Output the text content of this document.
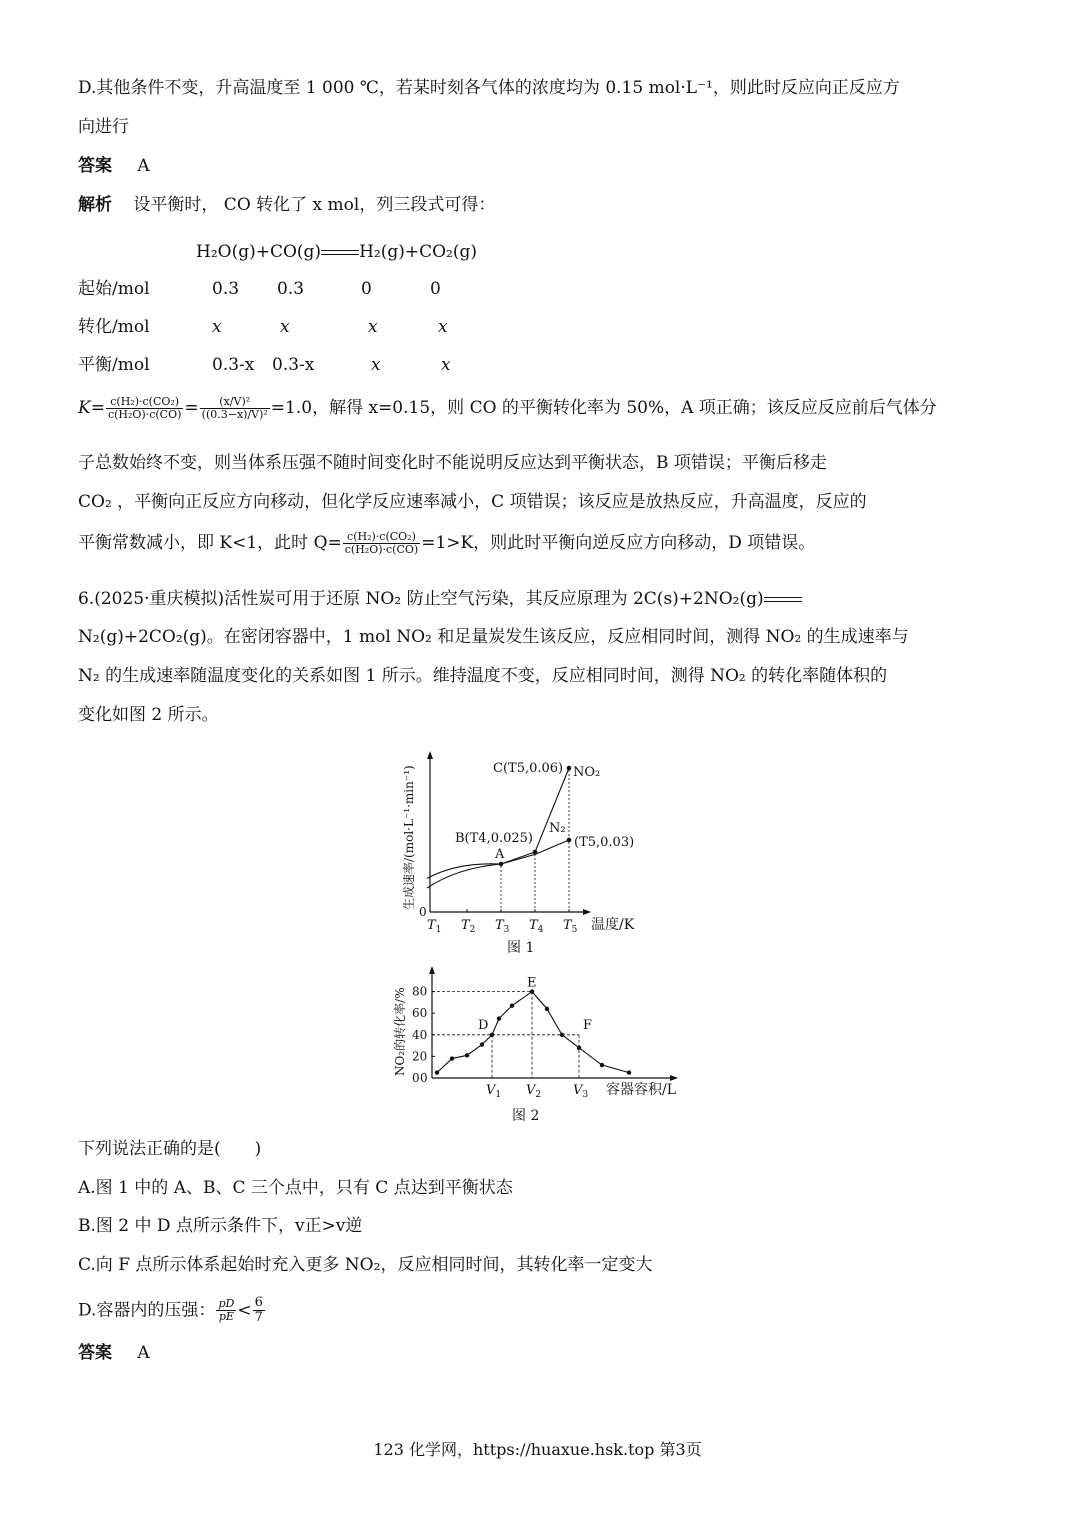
D.其他条件不变，升高温度至 1 000 ℃，若某时刻各气体的浓度均为 0.15 mol·L⁻¹，则此时反应向正反应方
向进行
答案 A
解析 设平衡时， CO 转化了 x mol，列三段式可得：
H₂O(g)+CO(g) H₂(g)+CO₂(g)
起始/mol	0.3 0.3	0	0
转化/mol	x	x	x	x
平衡/mol	0.3-x 0.3-x	x	x
$K= \frac{\text{c(H₂)·c(CO₂)}}{\text{c(H₂O)·c(CO)}} = \frac{\text{(x/V)²}}{\text{((0.3−x)/V)²}} =1.0$，解得 x=0.15，则 CO 的平衡转化率为 50%，A 项正确；该反应反应前后气体分
子总数始终不变，则当体系压强不随时间变化时不能说明反应达到平衡状态，B 项错误；平衡后移走
CO₂ ，平衡向正反应方向移动，但化学反应速率减小，C 项错误；该反应是放热反应，升高温度，反应的
平衡常数减小，即 K<1，此时 $Q= \frac{\text{c(H₂)·c(CO₂)}}{\text{c(H₂O)·c(CO)}} =1>K$，则此时平衡向逆反应方向移动，D 项错误。
6.(2025·重庆模拟)活性炭可用于还原 NO₂ 防止空气污染，其反应原理为 2C(s)+2NO₂(g)
N₂(g)+2CO₂(g)。在密闭容器中，1 mol NO₂ 和足量炭发生该反应，反应相同时间，测得 NO₂ 的生成速率与
N₂ 的生成速率随温度变化的关系如图 1 所示。维持温度不变，反应相同时间，测得 NO₂ 的转化率随体积的
变化如图 2 所示。
0
$T_1$ $T_2$ $T_3$ $T_4$ $T_5$ 温度/K
生成速率/(mol·L⁻¹·min⁻¹)	A
B(T4,0.025)
C(T5,0.06) NO₂
N₂
(T5,0.03)
图 1
0
20
40
60
80
NO₂的转化率/%
$V_1$ $V_2$ $V_3$ 容器容积/L
D
E
F
0
图 2
下列说法正确的是(　　)
A.图 1 中的 A、B、C 三个点中，只有 C 点达到平衡状态
B.图 2 中 D 点所示条件下，v正>v逆
C.向 F 点所示体系起始时充入更多 NO₂，反应相同时间，其转化率一定变大
D.容器内的压强： $\frac{pD}{pE} < \frac{6}{7}$
答案 A
123 化学网，https://huaxue.hsk.top 第3页
